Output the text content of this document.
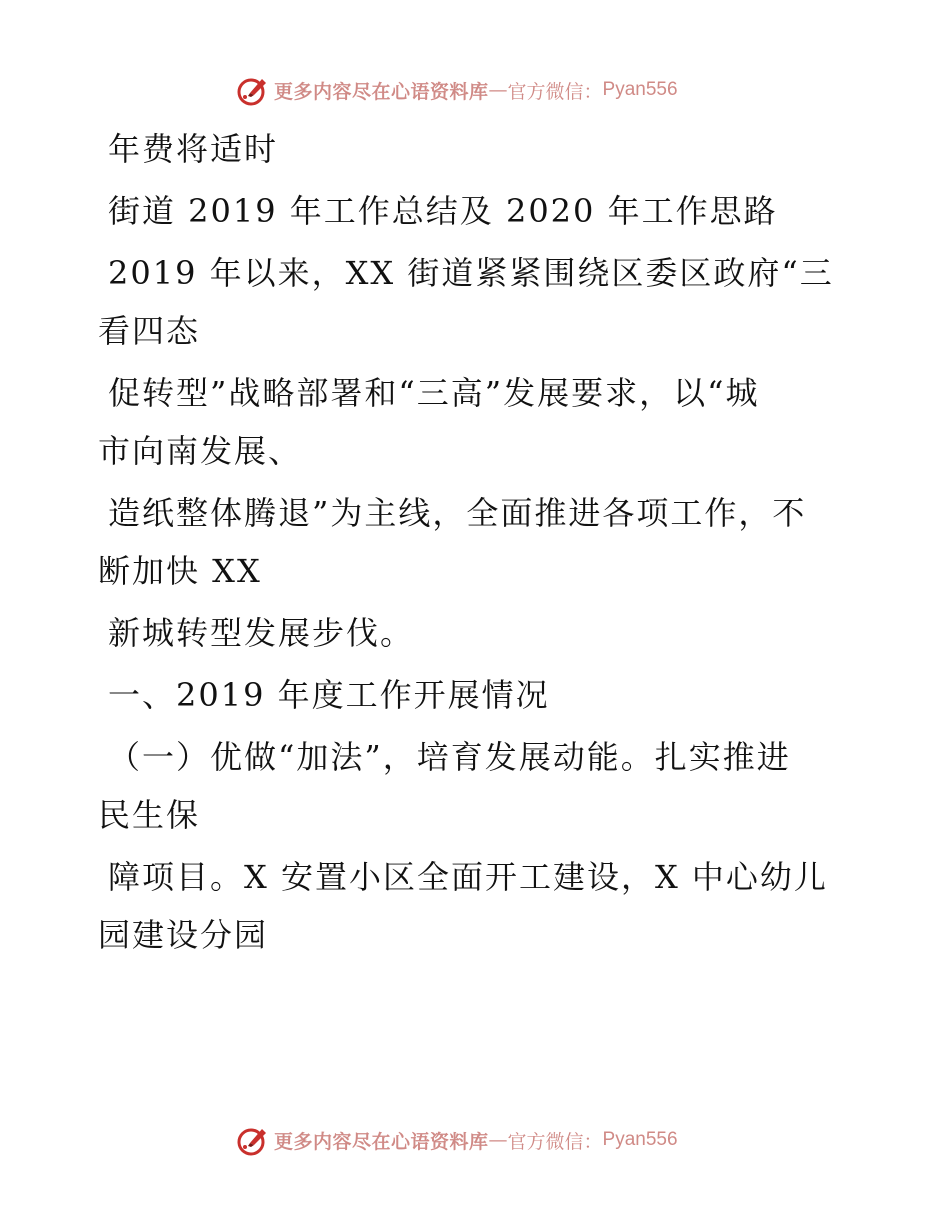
更多内容尽在心语资料库 — 官方微信： Pyan556
年费将适时
街道 2019 年工作总结及 2020 年工作思路
2019 年以来，XX 街道紧紧围绕区委区政府“三
看四态
促转型”战略部署和“三高”发展要求，以“城
市向南发展、
造纸整体腾退”为主线，全面推进各项工作，不
断加快 XX
新城转型发展步伐。
一、2019 年度工作开展情况
（一）优做“加法”，培育发展动能。扎实推进
民生保
障项目。X 安置小区全面开工建设，X 中心幼儿
园建设分园
更多内容尽在心语资料库 — 官方微信： Pyan556
